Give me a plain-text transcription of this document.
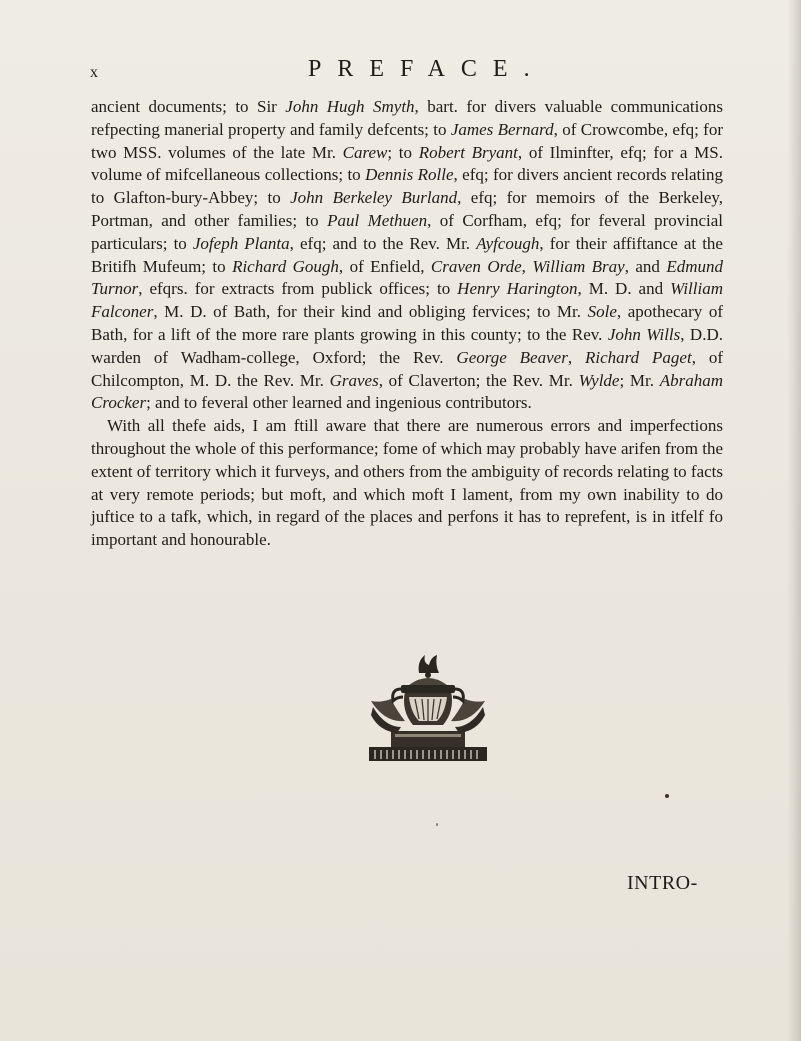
x	PREFACE.

ancient documents; to Sir John Hugh Smyth, bart. for divers valuable communications refpecting manerial property and family defcents; to James Bernard, of Crowcombe, efq; for two MSS. volumes of the late Mr. Carew; to Robert Bryant, of Ilminfter, efq; for a MS. volume of mifcellaneous collections; to Dennis Rolle, efq; for divers ancient records relating to Glafton-bury-Abbey; to John Berkeley Burland, efq; for memoirs of the Berkeley, Portman, and other families; to Paul Methuen, of Corfham, efq; for feveral provincial particulars; to Jofeph Planta, efq; and to the Rev. Mr. Ayfcough, for their affiftance at the Britifh Mufeum; to Richard Gough, of Enfield, Craven Orde, William Bray, and Edmund Turnor, efqrs. for extracts from publick offices; to Henry Harington, M. D. and William Falconer, M. D. of Bath, for their kind and obliging fervices; to Mr. Sole, apothecary of Bath, for a lift of the more rare plants growing in this county; to the Rev. John Wills, D.D. warden of Wadham-college, Oxford; the Rev. George Beaver, Richard Paget, of Chilcompton, M. D. the Rev. Mr. Graves, of Claverton; the Rev. Mr. Wylde; Mr. Abraham Crocker; and to feveral other learned and ingenious contributors.

With all thefe aids, I am ftill aware that there are numerous errors and imperfections throughout the whole of this performance; fome of which may probably have arifen from the extent of territory which it furveys, and others from the ambiguity of records relating to facts at very remote periods; but moft, and which moft I lament, from my own inability to do juftice to a tafk, which, in regard of the places and perfons it has to reprefent, is in itfelf fo important and honourable.

INTRO-
